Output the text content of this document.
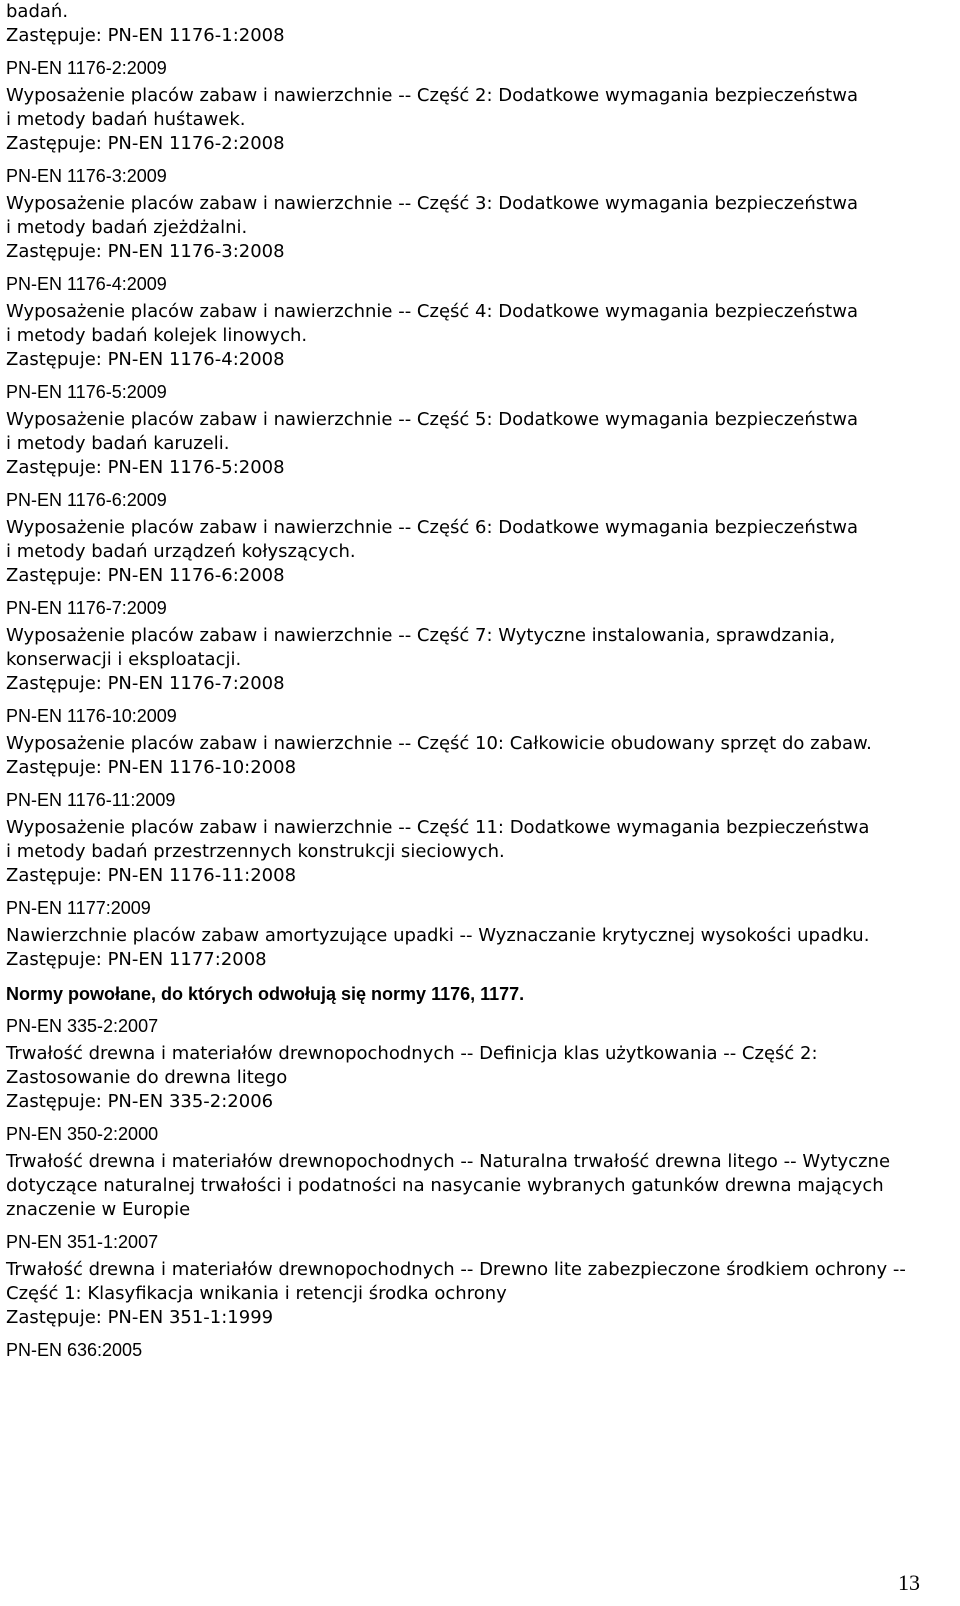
badań.
Zastępuje: PN-EN 1176-1:2008
PN-EN 1176-2:2009
Wyposażenie placów zabaw i nawierzchnie -- Część 2: Dodatkowe wymagania bezpieczeństwa
i metody badań huśtawek.
Zastępuje: PN-EN 1176-2:2008
PN-EN 1176-3:2009
Wyposażenie placów zabaw i nawierzchnie -- Część 3: Dodatkowe wymagania bezpieczeństwa
i metody badań zjeżdżalni.
Zastępuje: PN-EN 1176-3:2008
PN-EN 1176-4:2009
Wyposażenie placów zabaw i nawierzchnie -- Część 4: Dodatkowe wymagania bezpieczeństwa
i metody badań kolejek linowych.
Zastępuje: PN-EN 1176-4:2008
PN-EN 1176-5:2009
Wyposażenie placów zabaw i nawierzchnie -- Część 5: Dodatkowe wymagania bezpieczeństwa
i metody badań karuzeli.
Zastępuje: PN-EN 1176-5:2008
PN-EN 1176-6:2009
Wyposażenie placów zabaw i nawierzchnie -- Część 6: Dodatkowe wymagania bezpieczeństwa
i metody badań urządzeń kołyszących.
Zastępuje: PN-EN 1176-6:2008
PN-EN 1176-7:2009
Wyposażenie placów zabaw i nawierzchnie -- Część 7: Wytyczne instalowania, sprawdzania,
konserwacji i eksploatacji.
Zastępuje: PN-EN 1176-7:2008
PN-EN 1176-10:2009
Wyposażenie placów zabaw i nawierzchnie -- Część 10: Całkowicie obudowany sprzęt do zabaw.
Zastępuje: PN-EN 1176-10:2008
PN-EN 1176-11:2009
Wyposażenie placów zabaw i nawierzchnie -- Część 11: Dodatkowe wymagania bezpieczeństwa
i metody badań przestrzennych konstrukcji sieciowych.
Zastępuje: PN-EN 1176-11:2008
PN-EN 1177:2009
Nawierzchnie placów zabaw amortyzujące upadki -- Wyznaczanie krytycznej wysokości upadku.
Zastępuje: PN-EN 1177:2008
Normy powołane, do których odwołują się normy 1176, 1177.
PN-EN 335-2:2007
Trwałość drewna i materiałów drewnopochodnych -- Definicja klas użytkowania -- Część 2:
Zastosowanie do drewna litego
Zastępuje: PN-EN 335-2:2006
PN-EN 350-2:2000
Trwałość drewna i materiałów drewnopochodnych -- Naturalna trwałość drewna litego -- Wytyczne
dotyczące naturalnej trwałości i podatności na nasycanie wybranych gatunków drewna mających
znaczenie w Europie
PN-EN 351-1:2007
Trwałość drewna i materiałów drewnopochodnych -- Drewno lite zabezpieczone środkiem ochrony --
Część 1: Klasyfikacja wnikania i retencji środka ochrony
Zastępuje: PN-EN 351-1:1999
PN-EN 636:2005
13
